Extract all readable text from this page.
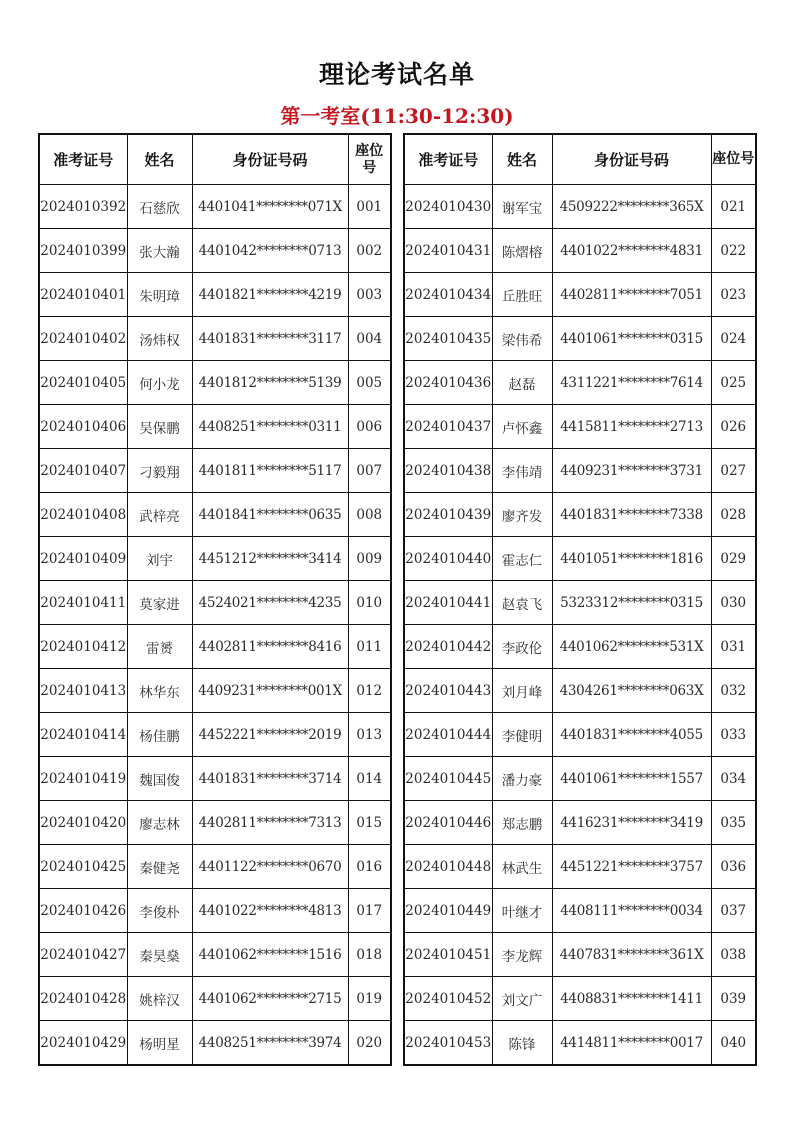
理论考试名单
第一考室(11:30-12:30)
准考证号	姓名	身份证号码	座位号
2024010392	石慈欣	4401041********071X	001
2024010399	张大瀚	4401042********0713	002
2024010401	朱明璋	4401821********4219	003
2024010402	汤炜权	4401831********3117	004
2024010405	何小龙	4401812********5139	005
2024010406	吴保鹏	4408251********0311	006
2024010407	刁毅翔	4401811********5117	007
2024010408	武梓亮	4401841********0635	008
2024010409	刘宇	4451212********3414	009
2024010411	莫家进	4524021********4235	010
2024010412	雷赟	4402811********8416	011
2024010413	林华东	4409231********001X	012
2024010414	杨佳鹏	4452221********2019	013
2024010419	魏国俊	4401831********3714	014
2024010420	廖志林	4402811********7313	015
2024010425	秦健尧	4401122********0670	016
2024010426	李俊朴	4401022********4813	017
2024010427	秦昊燊	4401062********1516	018
2024010428	姚梓汉	4401062********2715	019
2024010429	杨明星	4408251********3974	020
准考证号	姓名	身份证号码	座位号
2024010430	谢军宝	4509222********365X	021
2024010431	陈熠榕	4401022********4831	022
2024010434	丘胜旺	4402811********7051	023
2024010435	梁伟希	4401061********0315	024
2024010436	赵磊	4311221********7614	025
2024010437	卢怀鑫	4415811********2713	026
2024010438	李伟靖	4409231********3731	027
2024010439	廖齐发	4401831********7338	028
2024010440	霍志仁	4401051********1816	029
2024010441	赵袁飞	5323312********0315	030
2024010442	李政伦	4401062********531X	031
2024010443	刘月峰	4304261********063X	032
2024010444	李健明	4401831********4055	033
2024010445	潘力豪	4401061********1557	034
2024010446	郑志鹏	4416231********3419	035
2024010448	林武生	4451221********3757	036
2024010449	叶继才	4408111********0034	037
2024010451	李龙辉	4407831********361X	038
2024010452	刘文广	4408831********1411	039
2024010453	陈锋	4414811********0017	040
